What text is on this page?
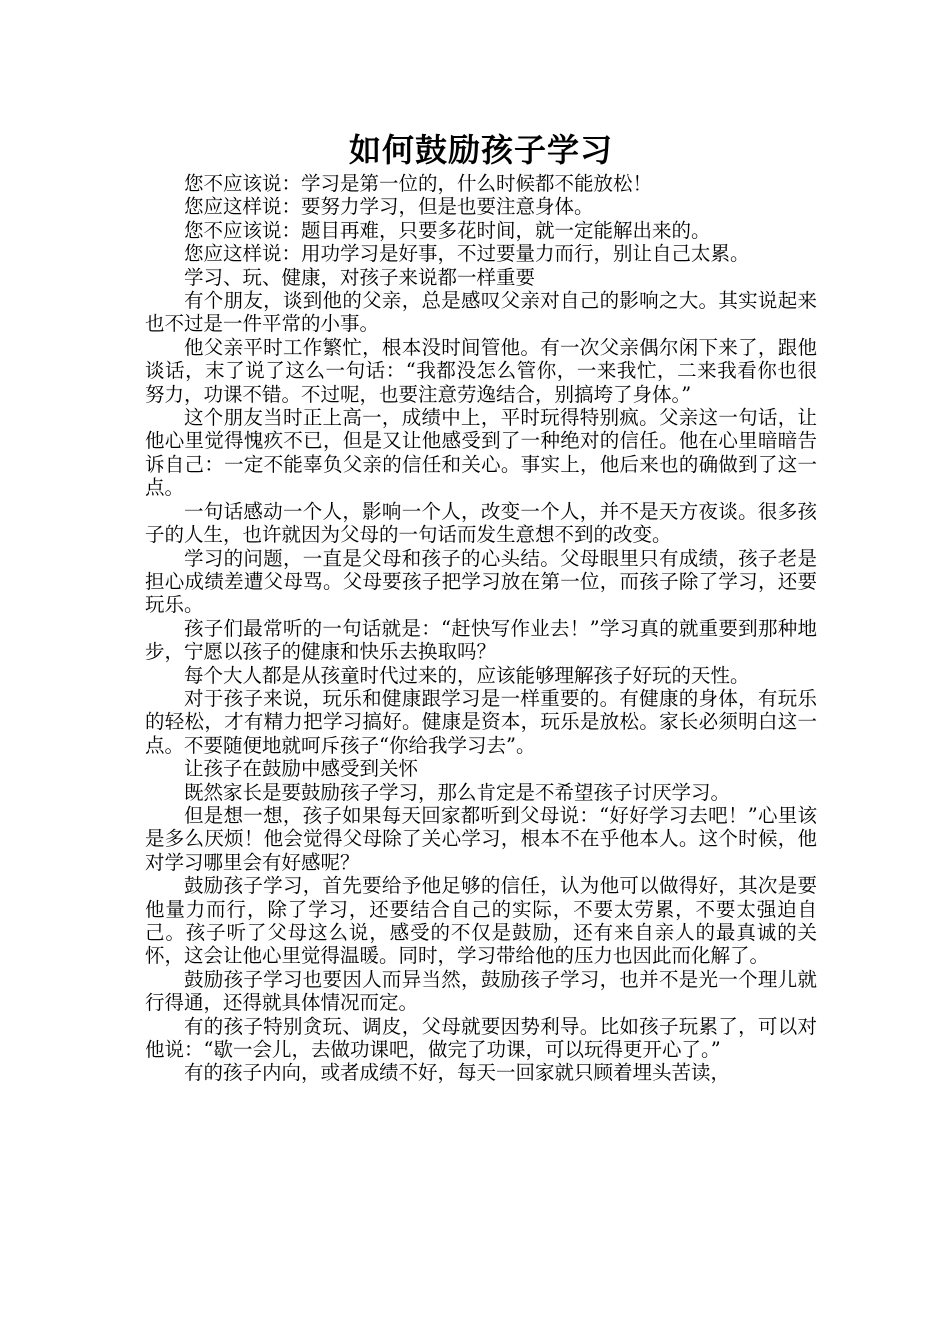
如何鼓励孩子学习

您不应该说：学习是第一位的，什么时候都不能放松！

您应这样说：要努力学习，但是也要注意身体。

您不应该说：题目再难，只要多花时间，就一定能解出来的。

您应这样说：用功学习是好事，不过要量力而行，别让自己太累。

学习、玩、健康，对孩子来说都一样重要

有个朋友，谈到他的父亲，总是感叹父亲对自己的影响之大。其实说起来也不过是一件平常的小事。

他父亲平时工作繁忙，根本没时间管他。有一次父亲偶尔闲下来了，跟他谈话，末了说了这么一句话：“我都没怎么管你，一来我忙，二来我看你也很努力，功课不错。不过呢，也要注意劳逸结合，别搞垮了身体。”

这个朋友当时正上高一，成绩中上，平时玩得特别疯。父亲这一句话，让他心里觉得愧疚不已，但是又让他感受到了一种绝对的信任。他在心里暗暗告诉自己：一定不能辜负父亲的信任和关心。事实上，他后来也的确做到了这一点。

一句话感动一个人，影响一个人，改变一个人，并不是天方夜谈。很多孩子的人生，也许就因为父母的一句话而发生意想不到的改变。

学习的问题，一直是父母和孩子的心头结。父母眼里只有成绩，孩子老是担心成绩差遭父母骂。父母要孩子把学习放在第一位，而孩子除了学习，还要玩乐。

孩子们最常听的一句话就是：“赶快写作业去！”学习真的就重要到那种地步，宁愿以孩子的健康和快乐去换取吗？

每个大人都是从孩童时代过来的，应该能够理解孩子好玩的天性。

对于孩子来说，玩乐和健康跟学习是一样重要的。有健康的身体，有玩乐的轻松，才有精力把学习搞好。健康是资本，玩乐是放松。家长必须明白这一点。不要随便地就呵斥孩子“你给我学习去”。

让孩子在鼓励中感受到关怀

既然家长是要鼓励孩子学习，那么肯定是不希望孩子讨厌学习。

但是想一想，孩子如果每天回家都听到父母说：“好好学习去吧！”心里该是多么厌烦！他会觉得父母除了关心学习，根本不在乎他本人。这个时候，他对学习哪里会有好感呢？

鼓励孩子学习，首先要给予他足够的信任，认为他可以做得好，其次是要他量力而行，除了学习，还要结合自己的实际，不要太劳累，不要太强迫自己。孩子听了父母这么说，感受的不仅是鼓励，还有来自亲人的最真诚的关怀，这会让他心里觉得温暖。同时，学习带给他的压力也因此而化解了。

鼓励孩子学习也要因人而异当然，鼓励孩子学习，也并不是光一个理儿就行得通，还得就具体情况而定。

有的孩子特别贪玩、调皮，父母就要因势利导。比如孩子玩累了，可以对他说：“歇一会儿，去做功课吧，做完了功课，可以玩得更开心了。”

有的孩子内向，或者成绩不好，每天一回家就只顾着埋头苦读，
